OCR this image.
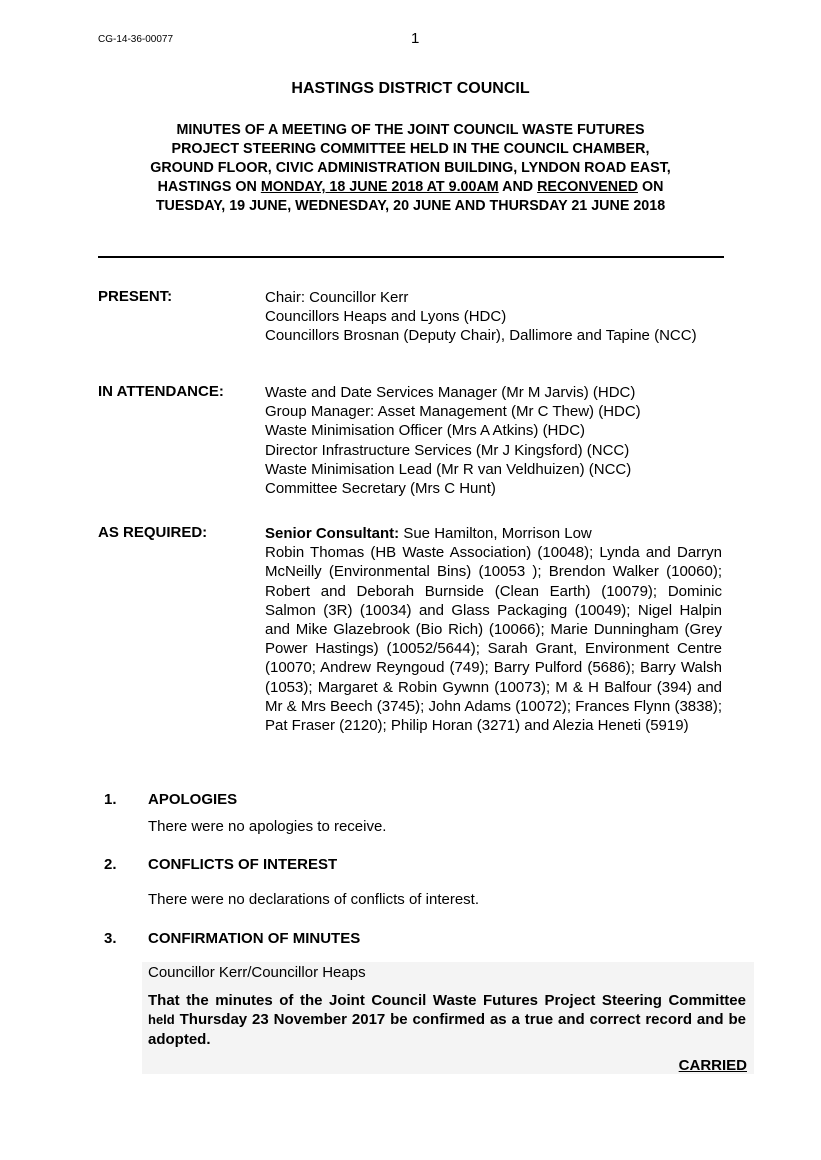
CG-14-36-00077	1
HASTINGS DISTRICT COUNCIL
MINUTES OF A MEETING OF THE JOINT COUNCIL WASTE FUTURES
PROJECT STEERING COMMITTEE HELD IN THE COUNCIL CHAMBER,
GROUND FLOOR, CIVIC ADMINISTRATION BUILDING, LYNDON ROAD EAST,
HASTINGS ON MONDAY, 18 JUNE 2018 AT 9.00AM AND RECONVENED ON
TUESDAY, 19 JUNE, WEDNESDAY, 20 JUNE AND THURSDAY 21 JUNE 2018
PRESENT:	Chair: Councillor Kerr
Councillors Heaps and Lyons (HDC)
Councillors Brosnan (Deputy Chair), Dallimore and Tapine (NCC)
IN ATTENDANCE:	Waste and Date Services Manager (Mr M Jarvis) (HDC)
Group Manager: Asset Management (Mr C Thew) (HDC)
Waste Minimisation Officer (Mrs A Atkins) (HDC)
Director Infrastructure Services (Mr J Kingsford) (NCC)
Waste Minimisation Lead (Mr R van Veldhuizen) (NCC)
Committee Secretary (Mrs C Hunt)
AS REQUIRED:	Senior Consultant: Sue Hamilton, Morrison Low
Robin Thomas (HB Waste Association) (10048); Lynda and Darryn McNeilly (Environmental Bins) (10053 ); Brendon Walker (10060); Robert and Deborah Burnside (Clean Earth) (10079); Dominic Salmon (3R) (10034) and Glass Packaging (10049); Nigel Halpin and Mike Glazebrook (Bio Rich) (10066); Marie Dunningham (Grey Power Hastings) (10052/5644); Sarah Grant, Environment Centre (10070; Andrew Reyngoud (749); Barry Pulford (5686); Barry Walsh (1053); Margaret & Robin Gywnn (10073); M & H Balfour (394) and Mr & Mrs Beech (3745); John Adams (10072); Frances Flynn (3838); Pat Fraser (2120); Philip Horan (3271) and Alezia Heneti (5919)
1. APOLOGIES
There were no apologies to receive.
2. CONFLICTS OF INTEREST
There were no declarations of conflicts of interest.
3. CONFIRMATION OF MINUTES
Councillor Kerr/Councillor Heaps
That the minutes of the Joint Council Waste Futures Project Steering Committee held Thursday 23 November 2017 be confirmed as a true and correct record and be adopted.
CARRIED
